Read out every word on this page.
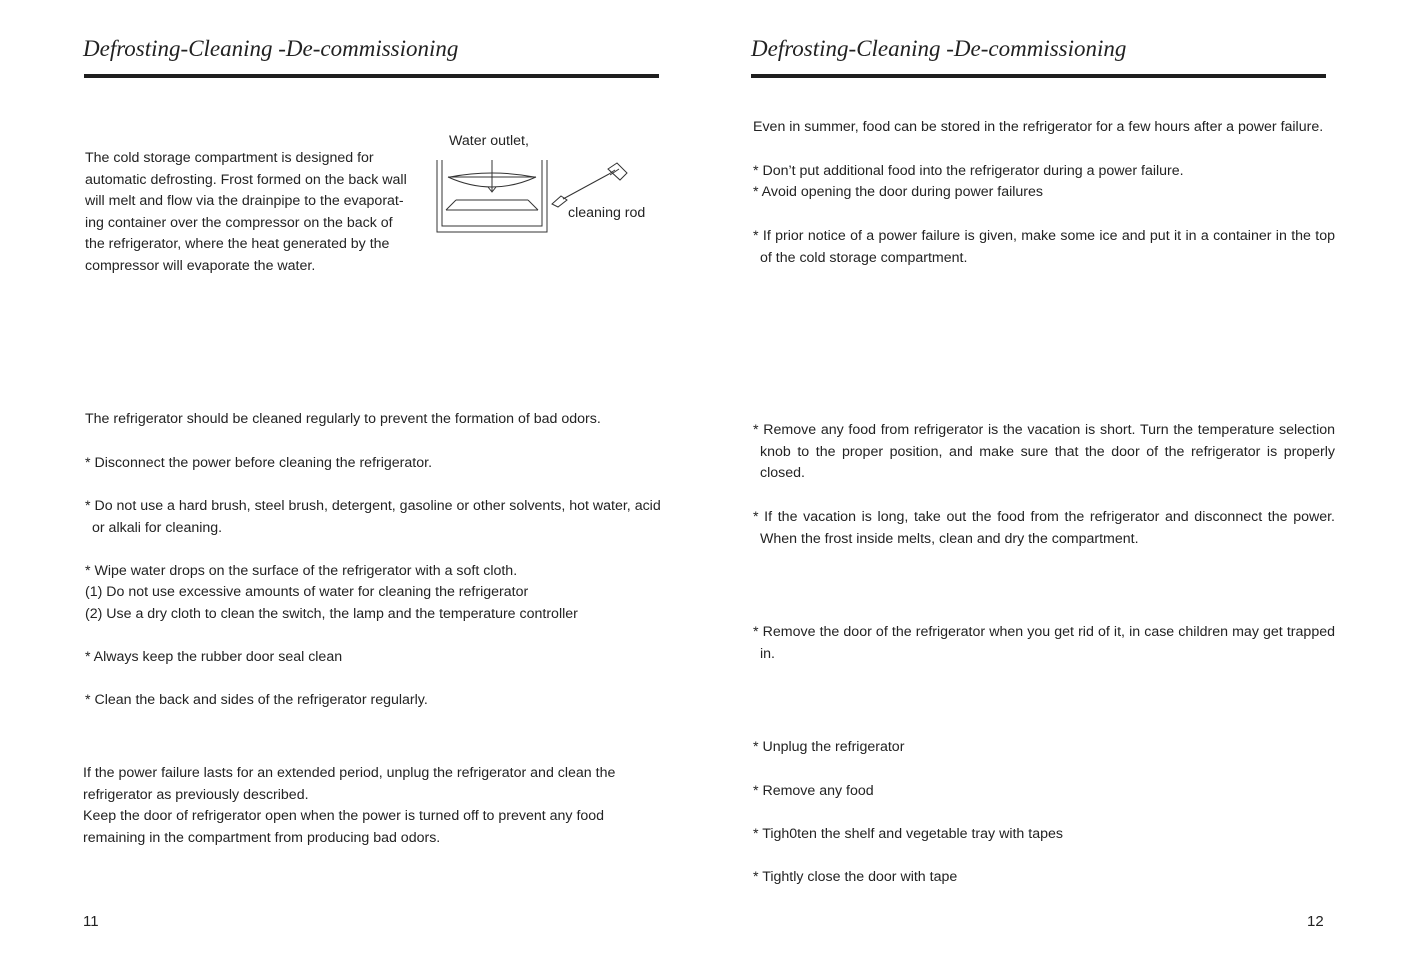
Defrosting-Cleaning -De-commissioning
The cold storage compartment is designed for
automatic defrosting. Frost formed on the back wall
will melt and flow via the drainpipe to the evaporat-
ing container over the compressor on the back of
the refrigerator, where the heat generated by the
compressor will evaporate the water.
Water outlet,
cleaning rod

The refrigerator should be cleaned regularly to prevent the formation of bad odors.

* Disconnect the power before cleaning the refrigerator.

* Do not use a hard brush, steel brush, detergent, gasoline or other solvents, hot water, acid or alkali for cleaning.

* Wipe water drops on the surface of the refrigerator with a soft cloth.

(1) Do not use excessive amounts of water for cleaning the refrigerator

(2) Use a dry cloth to clean the switch, the lamp and the temperature controller

* Always keep the rubber door seal clean

* Clean the back and sides of the refrigerator regularly.

If the power failure lasts for an extended period, unplug the refrigerator and clean the
refrigerator as previously described.
Keep the door of refrigerator open when the power is turned off to prevent any food
remaining in the compartment from producing bad odors.
11
Defrosting-Cleaning -De-commissioning

Even in summer, food can be stored in the refrigerator for a few hours after a power failure.

* Don’t put additional food into the refrigerator during a power failure.

* Avoid opening the door during power failures

* If prior notice of a power failure is given, make some ice and put it in a container in the top of the cold storage compartment.

* Remove any food from refrigerator is the vacation is short. Turn the temperature selection knob to the proper position, and make sure that the door of the refrigerator is properly closed.

* If the vacation is long, take out the food from the refrigerator and disconnect the power. When the frost inside melts, clean and dry the compartment.

* Remove the door of the refrigerator when you get rid of it, in case children may get trapped in.

* Unplug the refrigerator

* Remove any food

* Tigh0ten the shelf and vegetable tray with tapes

* Tightly close the door with tape

12
